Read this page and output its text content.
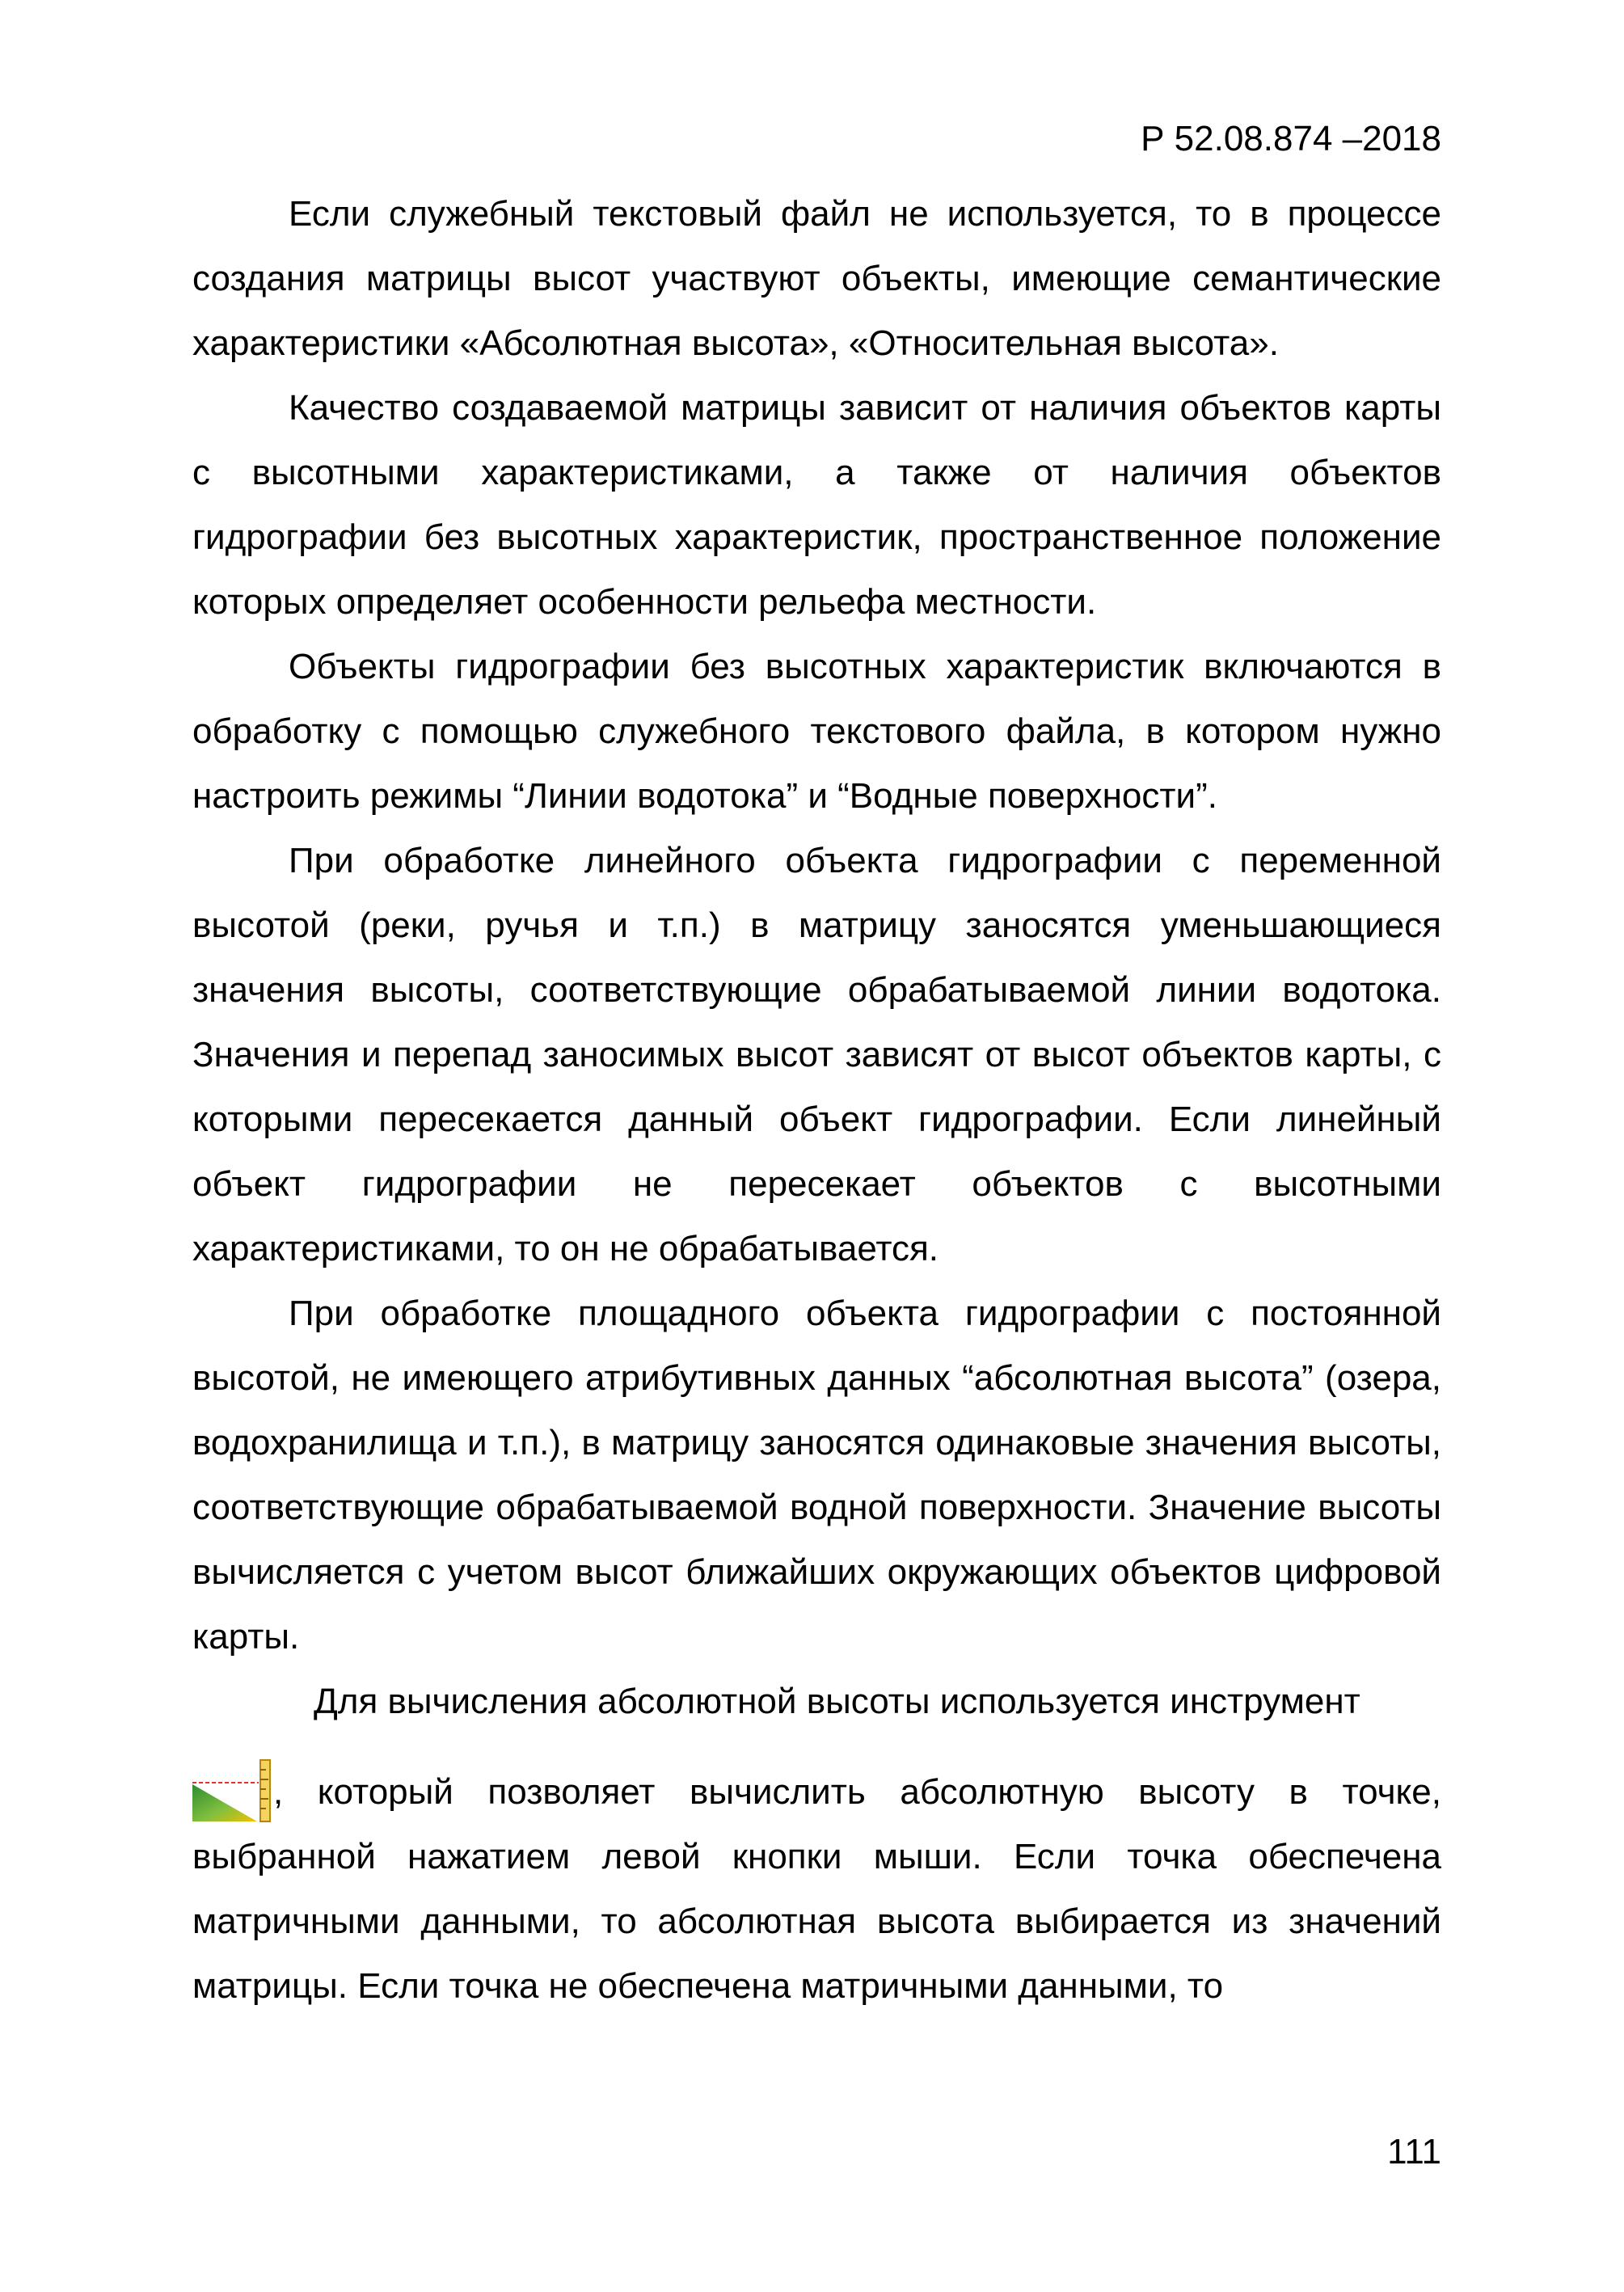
Р 52.08.874 –2018

Если служебный текстовый файл не используется, то в процессе создания матрицы высот участвуют объекты, имеющие семантические характеристики «Абсолютная высота», «Относительная высота».

Качество создаваемой матрицы зависит от наличия объектов карты с высотными характеристиками, а также от наличия объектов гидрографии без высотных характеристик, пространственное положение которых определяет особенности рельефа местности.

Объекты гидрографии без высотных характеристик включаются в обработку с помощью служебного текстового файла, в котором нужно настроить режимы “Линии водотока” и “Водные поверхности”.

При обработке линейного объекта гидрографии с переменной высотой (реки, ручья и т.п.) в матрицу заносятся уменьшающиеся значения высоты, соответствующие обрабатываемой линии водотока. Значения и перепад заносимых высот зависят от высот объектов карты, с которыми пересекается данный объект гидрографии. Если линейный объект гидрографии не пересекает объектов с высотными характеристиками, то он не обрабатывается.

При обработке площадного объекта гидрографии с постоянной высотой, не имеющего атрибутивных данных “абсолютная высота” (озера, водохранилища и т.п.), в матрицу заносятся одинаковые значения высоты, соответствующие обрабатываемой водной поверхности. Значение высоты вычисляется с учетом высот ближайших окружающих объектов цифровой карты.

Для вычисления абсолютной высоты используется инструмент

, который позволяет вычислить абсолютную высоту в точке,

выбранной нажатием левой кнопки мыши. Если точка обеспечена матричными данными, то абсолютная высота выбирается из значений матрицы. Если точка не обеспечена матричными данными, то

111
